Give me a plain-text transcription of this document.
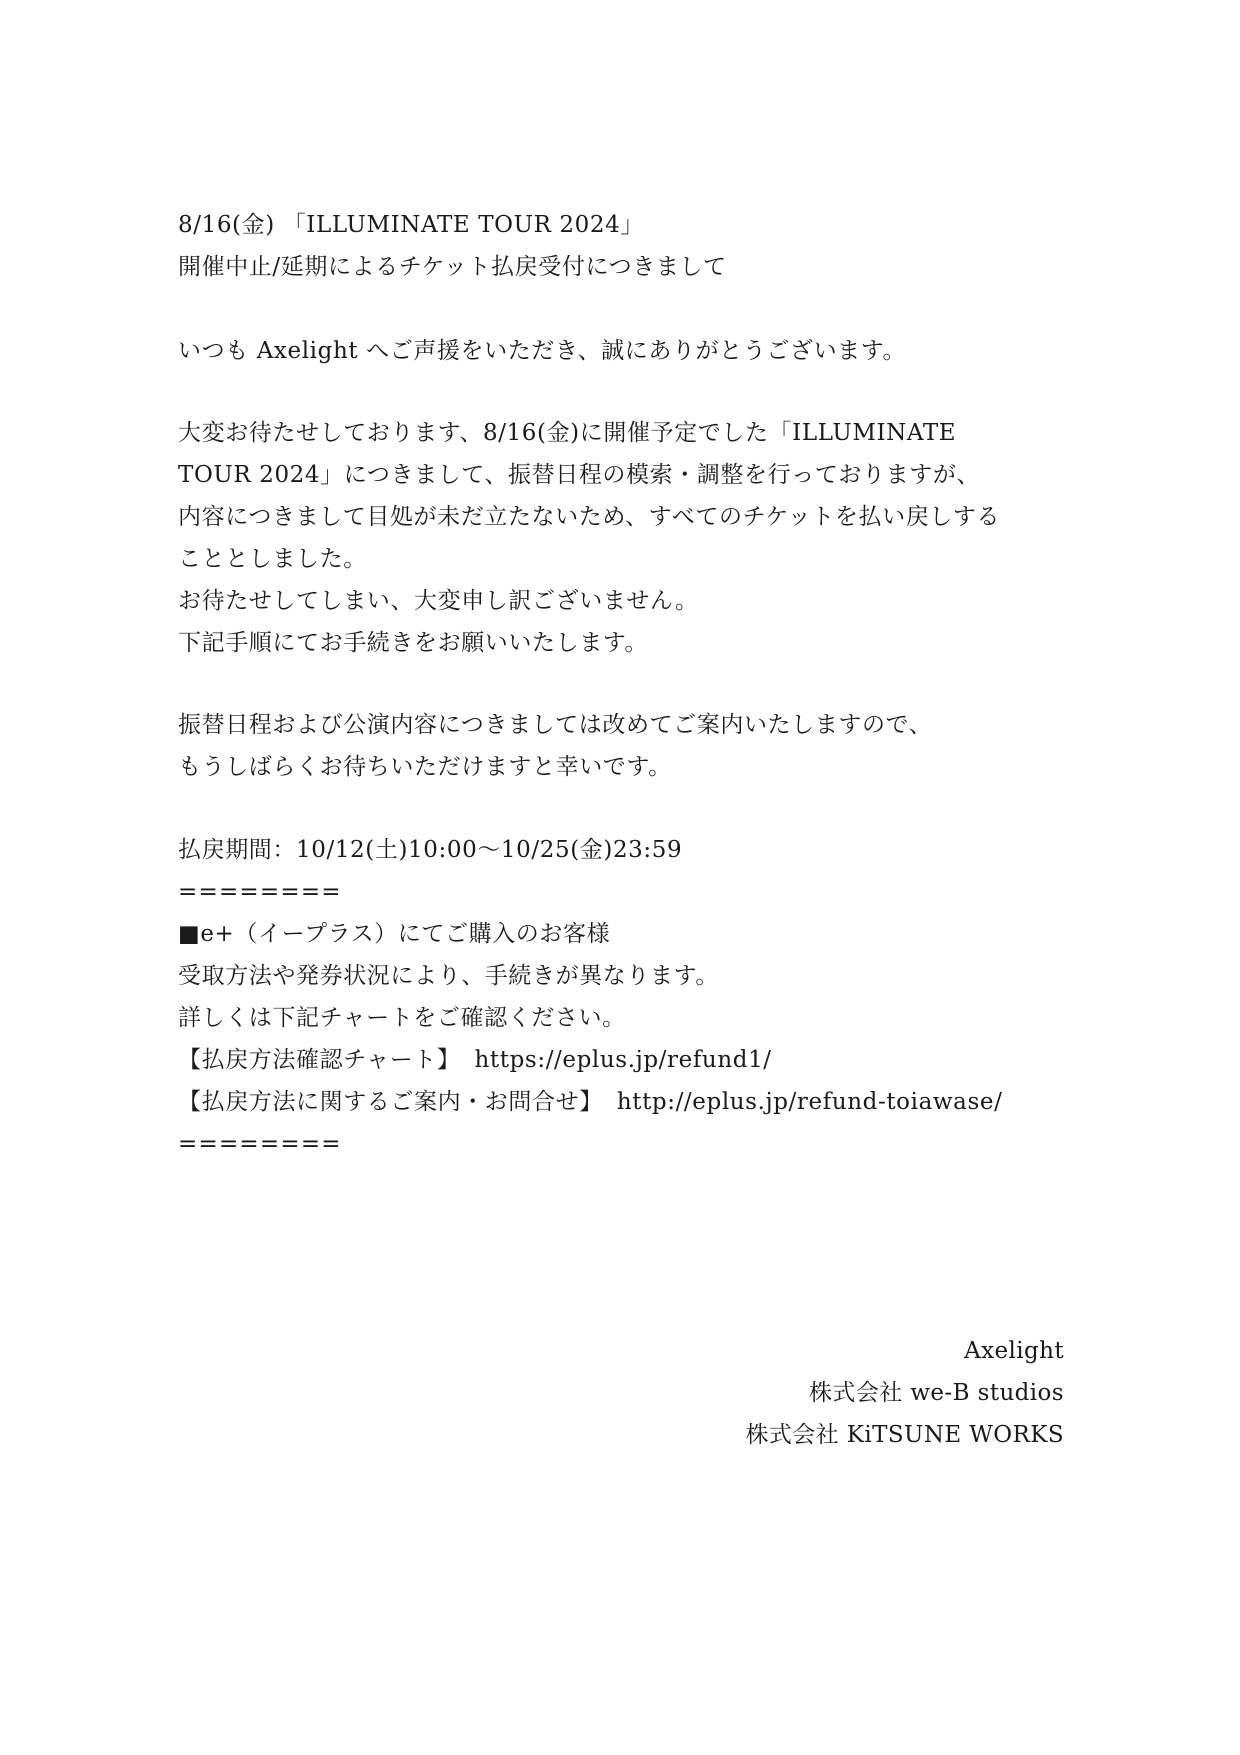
8/16(金) 「ILLUMINATE TOUR 2024」
開催中止/延期によるチケット払戻受付につきまして
いつも Axelight へご声援をいただき、誠にありがとうございます。
大変お待たせしております、8/16(金)に開催予定でした「ILLUMINATE
TOUR 2024」につきまして、振替日程の模索・調整を行っておりますが、
内容につきまして目処が未だ立たないため、すべてのチケットを払い戻しする
こととしました。
お待たせしてしまい、大変申し訳ございません。
下記手順にてお手続きをお願いいたします。
振替日程および公演内容につきましては改めてご案内いたしますので、
もうしばらくお待ちいただけますと幸いです。
払戻期間：10/12(土)10:00〜10/25(金)23:59
========
■e+（イープラス）にてご購入のお客様
受取方法や発券状況により、手続きが異なります。
詳しくは下記チャートをご確認ください。
【払戻方法確認チャート】 https://eplus.jp/refund1/
【払戻方法に関するご案内・お問合せ】 http://eplus.jp/refund-toiawase/
========
Axelight
株式会社 we-B studios
株式会社 KiTSUNE WORKS
